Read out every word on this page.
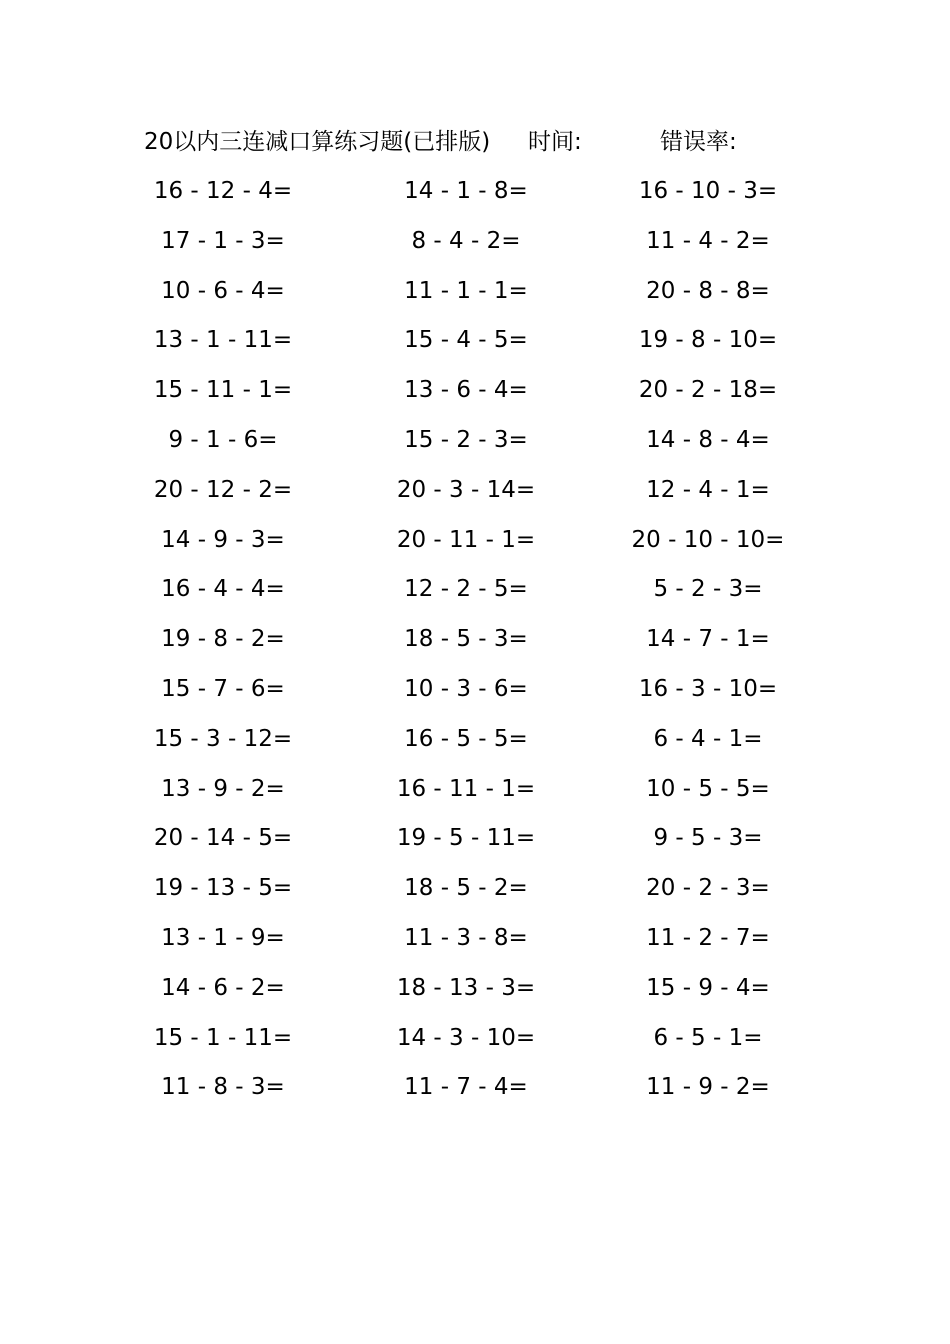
20以内三连减口算练习题(已排版) 时间:	错误率:
16 - 12 - 4=	14 - 1 - 8=	16 - 10 - 3=
17 - 1 - 3=	8 - 4 - 2=	11 - 4 - 2=
10 - 6 - 4=	11 - 1 - 1=	20 - 8 - 8=
13 - 1 - 11=	15 - 4 - 5=	19 - 8 - 10=
15 - 11 - 1=	13 - 6 - 4=	20 - 2 - 18=
9 - 1 - 6=	15 - 2 - 3=	14 - 8 - 4=
20 - 12 - 2=	20 - 3 - 14=	12 - 4 - 1=
14 - 9 - 3=	20 - 11 - 1=	20 - 10 - 10=
16 - 4 - 4=	12 - 2 - 5=	5 - 2 - 3=
19 - 8 - 2=	18 - 5 - 3=	14 - 7 - 1=
15 - 7 - 6=	10 - 3 - 6=	16 - 3 - 10=
15 - 3 - 12=	16 - 5 - 5=	6 - 4 - 1=
13 - 9 - 2=	16 - 11 - 1=	10 - 5 - 5=
20 - 14 - 5=	19 - 5 - 11=	9 - 5 - 3=
19 - 13 - 5=	18 - 5 - 2=	20 - 2 - 3=
13 - 1 - 9=	11 - 3 - 8=	11 - 2 - 7=
14 - 6 - 2=	18 - 13 - 3=	15 - 9 - 4=
15 - 1 - 11=	14 - 3 - 10=	6 - 5 - 1=
11 - 8 - 3=	11 - 7 - 4=	11 - 9 - 2=
